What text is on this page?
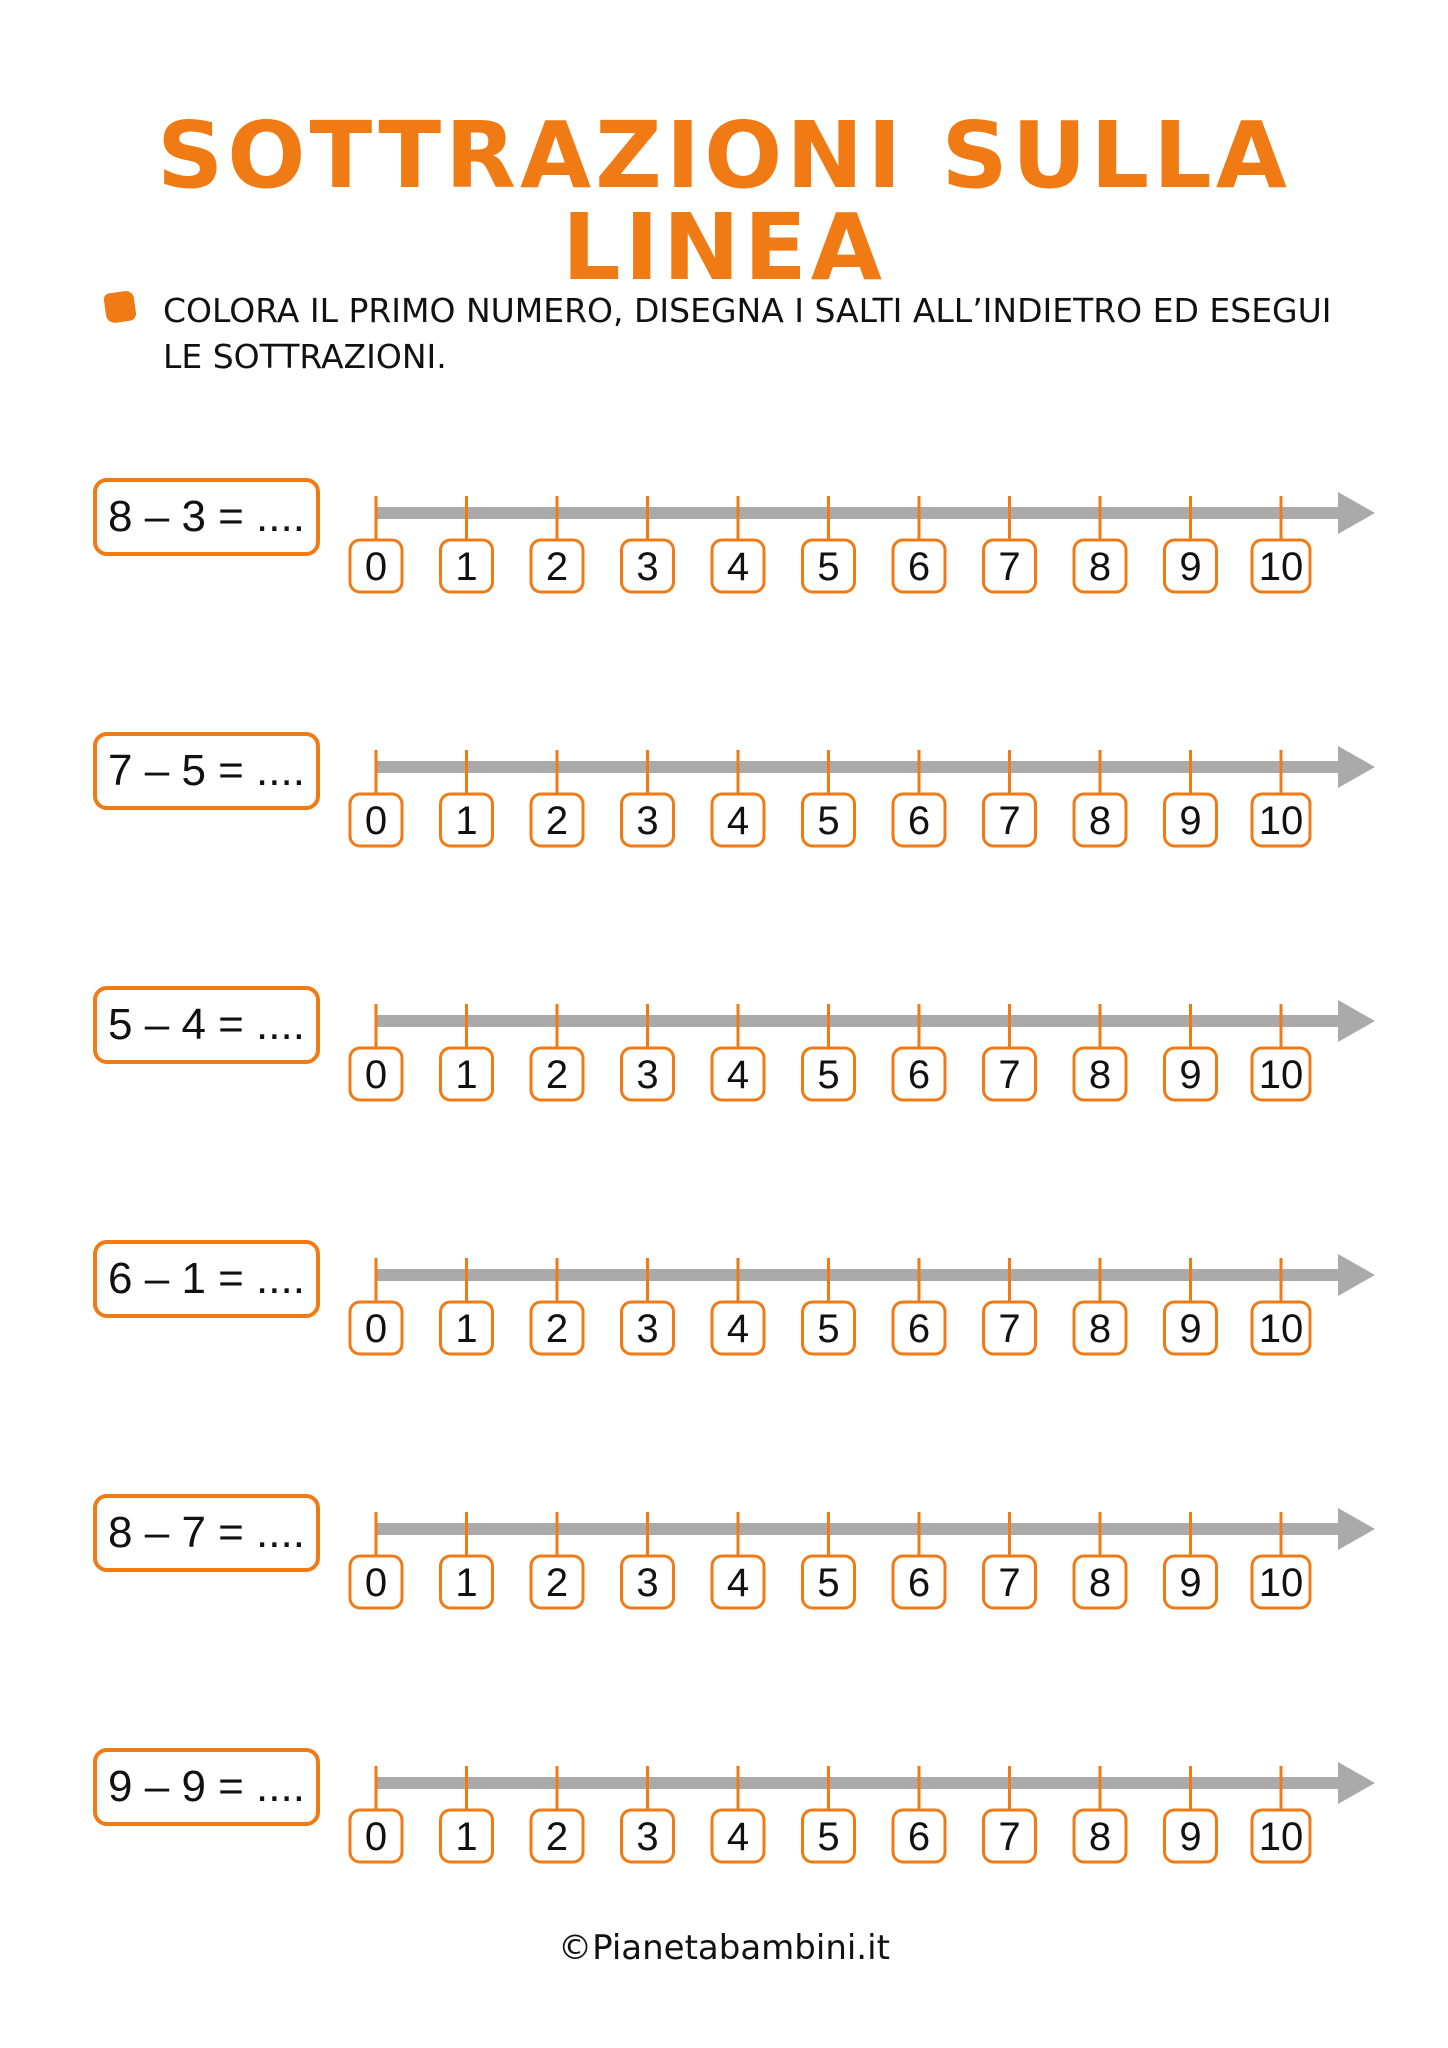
SOTTRAZIONI SULLA LINEA

COLORA IL PRIMO NUMERO, DISEGNA I SALTI ALL’INDIETRO ED ESEGUI LE SOTTRAZIONI.

8 – 3 = ....
0 1 2 3 4 5 6 7 8 9 10
7 – 5 = ....
0 1 2 3 4 5 6 7 8 9 10
5 – 4 = ....
0 1 2 3 4 5 6 7 8 9 10
6 – 1 = ....
0 1 2 3 4 5 6 7 8 9 10
8 – 7 = ....
0 1 2 3 4 5 6 7 8 9 10
9 – 9 = ....
0 1 2 3 4 5 6 7 8 9 10
©Pianetabambini.it
